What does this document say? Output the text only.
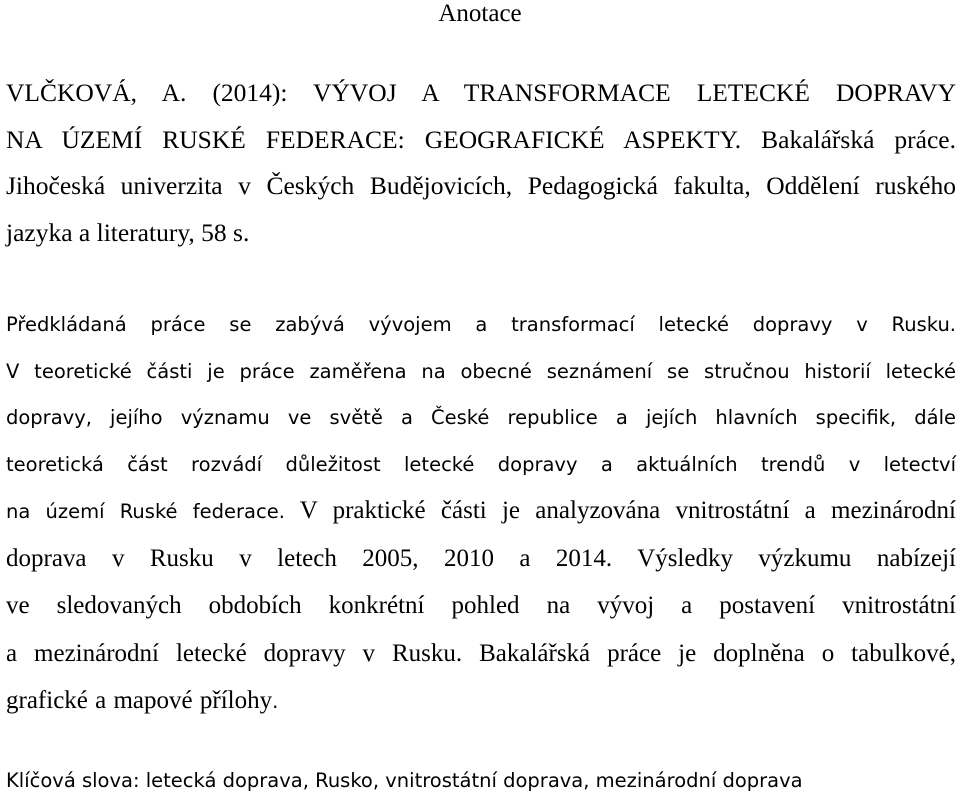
Anotace
VLČKOVÁ, A. (2014): VÝVOJ A TRANSFORMACE LETECKÉ DOPRAVY
NA ÚZEMÍ RUSKÉ FEDERACE: GEOGRAFICKÉ ASPEKTY. Bakalářská práce.
Jihočeská univerzita v Českých Budějovicích, Pedagogická fakulta, Oddělení ruského
jazyka a literatury, 58 s.
Předkládaná práce se zabývá vývojem a transformací letecké dopravy v Rusku.
V teoretické části je práce zaměřena na obecné seznámení se stručnou historií letecké
dopravy, jejího významu ve světě a České republice a jejích hlavních specifik, dále
teoretická část rozvádí důležitost letecké dopravy a aktuálních trendů v letectví
na území Ruské federace. V praktické části je analyzována vnitrostátní a mezinárodní
doprava v Rusku v letech 2005, 2010 a 2014. Výsledky výzkumu nabízejí
ve sledovaných obdobích konkrétní pohled na vývoj a postavení vnitrostátní
a mezinárodní letecké dopravy v Rusku. Bakalářská práce je doplněna o tabulkové,
grafické a mapové přílohy.
Klíčová slova: letecká doprava, Rusko, vnitrostátní doprava, mezinárodní doprava
